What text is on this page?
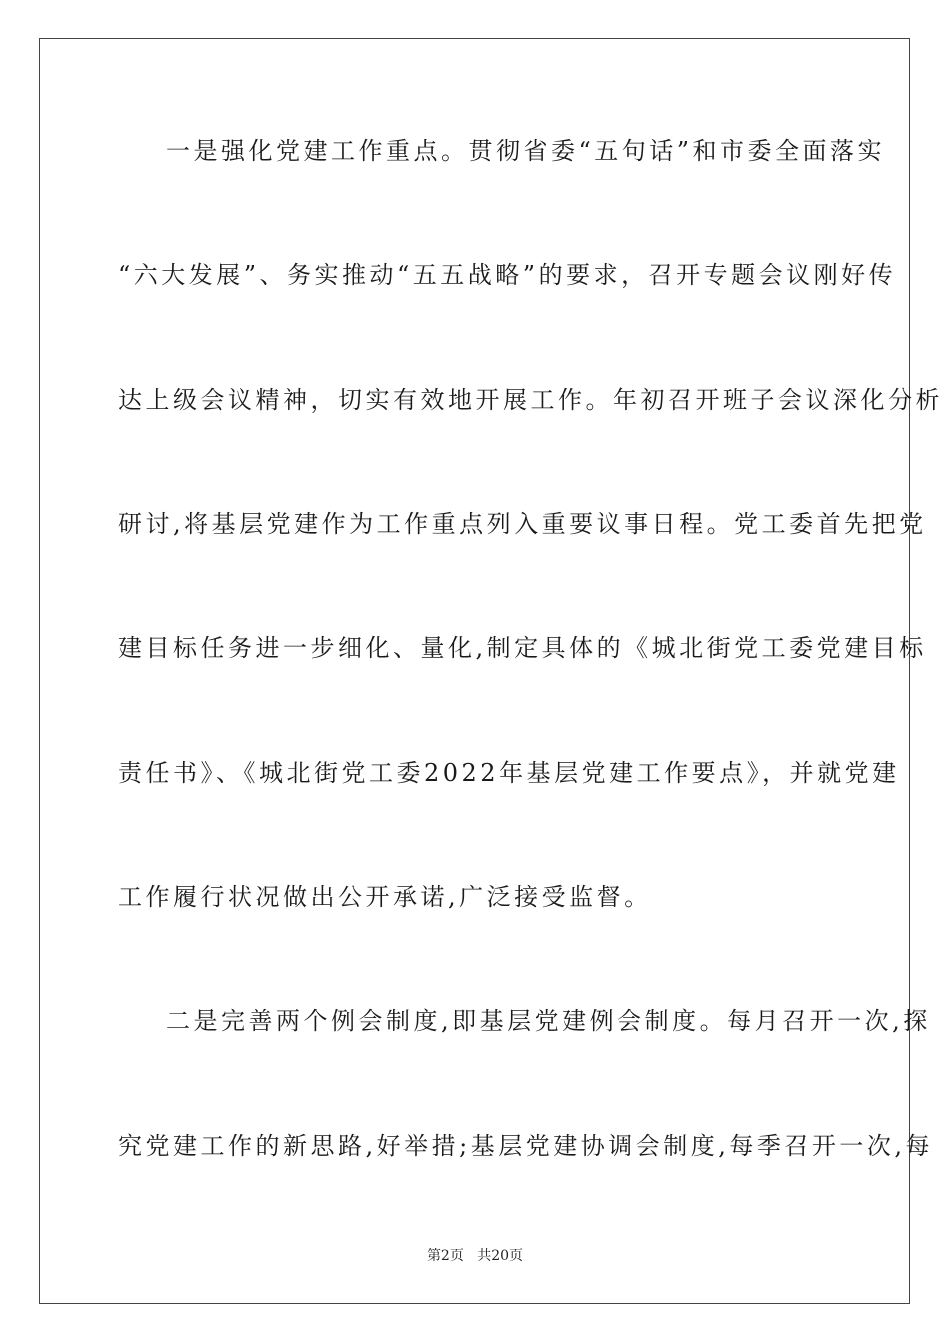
一是强化党建工作重点。贯彻省委“五句话”和市委全面落实
“六大发展”、务实推动“五五战略”的要求，召开专题会议刚好传
达上级会议精神，切实有效地开展工作。年初召开班子会议深化分析
研讨,将基层党建作为工作重点列入重要议事日程。党工委首先把党
建目标任务进一步细化、量化,制定具体的《城北街党工委党建目标
责任书》、《城北街党工委2022年基层党建工作要点》，并就党建
工作履行状况做出公开承诺,广泛接受监督。
二是完善两个例会制度,即基层党建例会制度。每月召开一次,探
究党建工作的新思路,好举措;基层党建协调会制度,每季召开一次,每
第2页 共20页
